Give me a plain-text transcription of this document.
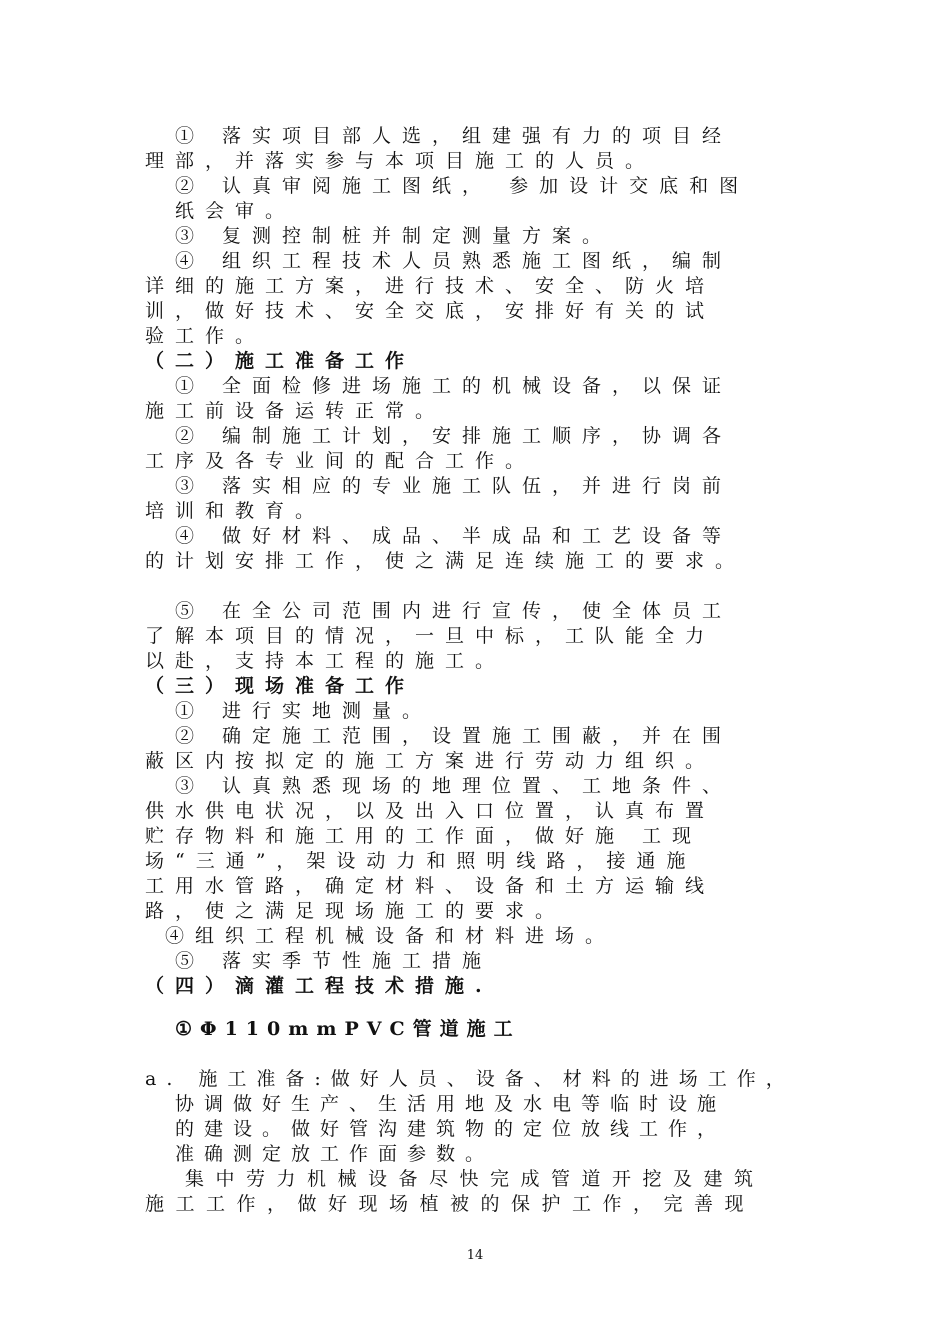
① 落实项目部人选，组建强有力的项目经
理部，并落实参与本项目施工的人员。
② 认真审阅施工图纸， 参加设计交底和图
纸会审。
③ 复测控制桩并制定测量方案。
④ 组织工程技术人员熟悉施工图纸，编制
详细的施工方案，进行技术、安全、防火培
训，做好技术、安全交底，安排好有关的试
验工作。
（二）施工准备工作
① 全面检修进场施工的机械设备，以保证
施工前设备运转正常。
② 编制施工计划，安排施工顺序，协调各
工序及各专业间的配合工作。
③ 落实相应的专业施工队伍，并进行岗前
培训和教育。
④ 做好材料、成品、半成品和工艺设备等
的计划安排工作，使之满足连续施工的要求。
⑤ 在全公司范围内进行宣传，使全体员工
了解本项目的情况，一旦中标，工队能全力
以赴，支持本工程的施工。
（三）现场准备工作
① 进行实地测量。
② 确定施工范围，设置施工围蔽，并在围
蔽区内按拟定的施工方案进行劳动力组织。
③ 认真熟悉现场的地理位置、工地条件、
供水供电状况，以及出入口位置，认真布置
贮存物料和施工用的工作面，做好施 工现
场“三通”，架设动力和照明线路，接通施
工用水管路，确定材料、设备和土方运输线
路，使之满足现场施工的要求。
④组织工程机械设备和材料进场。
⑤ 落实季节性施工措施
（四）滴灌工程技术措施.
①Φ110mmPVC管道施工
a. 施工准备:做好人员、设备、材料的进场工作，
协调做好生产、生活用地及水电等临时设施
的建设。做好管沟建筑物的定位放线工作，
准确测定放工作面参数。
集中劳力机械设备尽快完成管道开挖及建筑
施工工作，做好现场植被的保护工作，完善现
14
